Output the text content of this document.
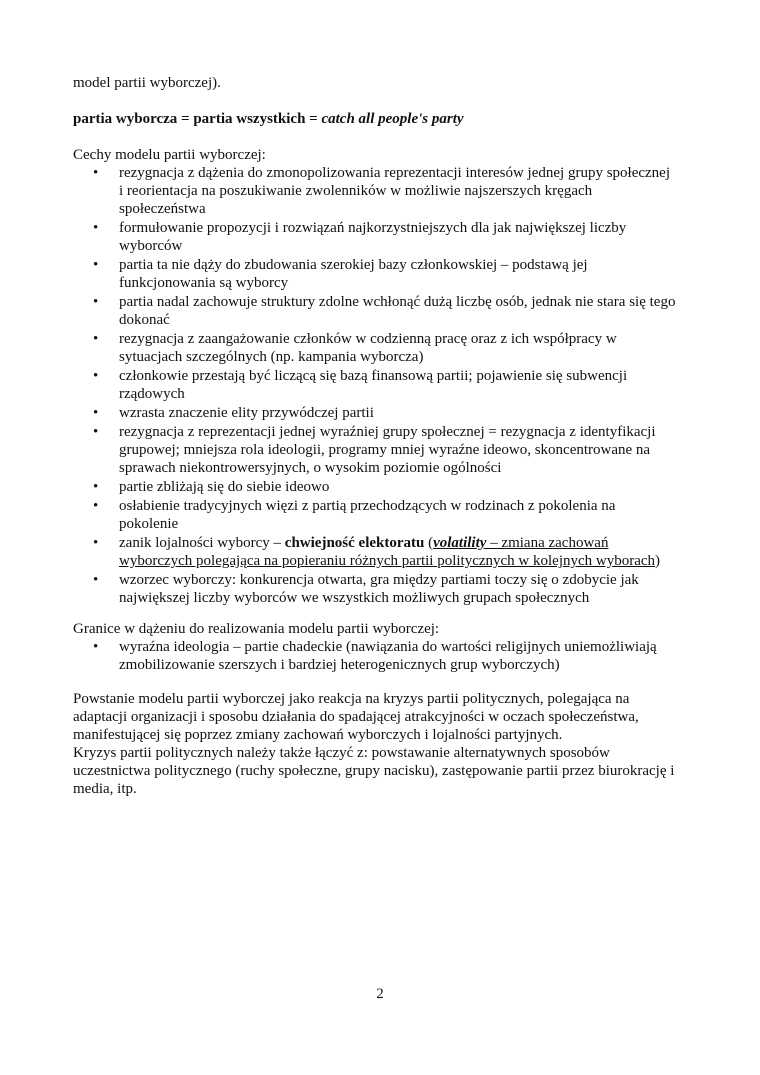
model partii wyborczej).

partia wyborcza = partia wszystkich = catch all people's party

Cechy modelu partii wyborczej:

• rezygnacja z dążenia do zmonopolizowania reprezentacji interesów jednej grupy społecznej

i reorientacja na poszukiwanie zwolenników w możliwie najszerszych kręgach

społeczeństwa

• formułowanie propozycji i rozwiązań najkorzystniejszych dla jak największej liczby

wyborców

• partia ta nie dąży do zbudowania szerokiej bazy członkowskiej – podstawą jej

funkcjonowania są wyborcy

• partia nadal zachowuje struktury zdolne wchłonąć dużą liczbę osób, jednak nie stara się tego

dokonać

• rezygnacja z zaangażowanie członków w codzienną pracę oraz z ich współpracy w

sytuacjach szczególnych (np. kampania wyborcza)

• członkowie przestają być liczącą się bazą finansową partii; pojawienie się subwencji

rządowych

• wzrasta znaczenie elity przywódczej partii

• rezygnacja z reprezentacji jednej wyraźniej grupy społecznej = rezygnacja z identyfikacji

grupowej; mniejsza rola ideologii, programy mniej wyraźne ideowo, skoncentrowane na

sprawach niekontrowersyjnych, o wysokim poziomie ogólności

• partie zbliżają się do siebie ideowo

• osłabienie tradycyjnych więzi z partią przechodzących w rodzinach z pokolenia na

pokolenie

• zanik lojalności wyborcy – chwiejność elektoratu (volatility – zmiana zachowań

wyborczych polegająca na popieraniu różnych partii politycznych w kolejnych wyborach)

• wzorzec wyborczy: konkurencja otwarta, gra między partiami toczy się o zdobycie jak

największej liczby wyborców we wszystkich możliwych grupach społecznych

Granice w dążeniu do realizowania modelu partii wyborczej:

• wyraźna ideologia – partie chadeckie (nawiązania do wartości religijnych uniemożliwiają

zmobilizowanie szerszych i bardziej heterogenicznych grup wyborczych)

Powstanie modelu partii wyborczej jako reakcja na kryzys partii politycznych, polegająca na

adaptacji organizacji i sposobu działania do spadającej atrakcyjności w oczach społeczeństwa,

manifestującej się poprzez zmiany zachowań wyborczych i lojalności partyjnych.

Kryzys partii politycznych należy także łączyć z: powstawanie alternatywnych sposobów

uczestnictwa politycznego (ruchy społeczne, grupy nacisku), zastępowanie partii przez biurokrację i

media, itp.

2
